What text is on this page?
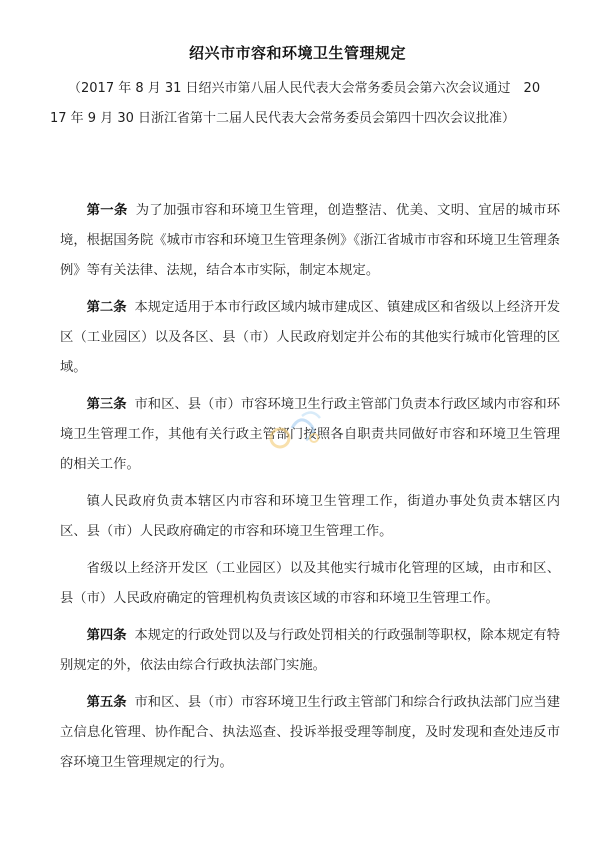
绍兴市市容和环境卫生管理规定
（2017 年 8 月 31 日绍兴市第八届人民代表大会常务委员会第六次会议通过　20
17 年 9 月 30 日浙江省第十二届人民代表大会常务委员会第四十四次会议批准）

第一条 为了加强市容和环境卫生管理，创造整洁、优美、文明、宜居的城市环境，根据国务院《城市市容和环境卫生管理条例》《浙江省城市市容和环境卫生管理条例》等有关法律、法规，结合本市实际，制定本规定。

第二条 本规定适用于本市行政区域内城市建成区、镇建成区和省级以上经济开发区（工业园区）以及各区、县（市）人民政府划定并公布的其他实行城市化管理的区域。

第三条 市和区、县（市）市容环境卫生行政主管部门负责本行政区域内市容和环境卫生管理工作，其他有关行政主管部门按照各自职责共同做好市容和环境卫生管理的相关工作。

镇人民政府负责本辖区内市容和环境卫生管理工作，街道办事处负责本辖区内区、县（市）人民政府确定的市容和环境卫生管理工作。

省级以上经济开发区（工业园区）以及其他实行城市化管理的区域，由市和区、县（市）人民政府确定的管理机构负责该区域的市容和环境卫生管理工作。

第四条 本规定的行政处罚以及与行政处罚相关的行政强制等职权，除本规定有特别规定的外，依法由综合行政执法部门实施。

第五条 市和区、县（市）市容环境卫生行政主管部门和综合行政执法部门应当建立信息化管理、协作配合、执法巡查、投诉举报受理等制度，及时发现和查处违反市容环境卫生管理规定的行为。
